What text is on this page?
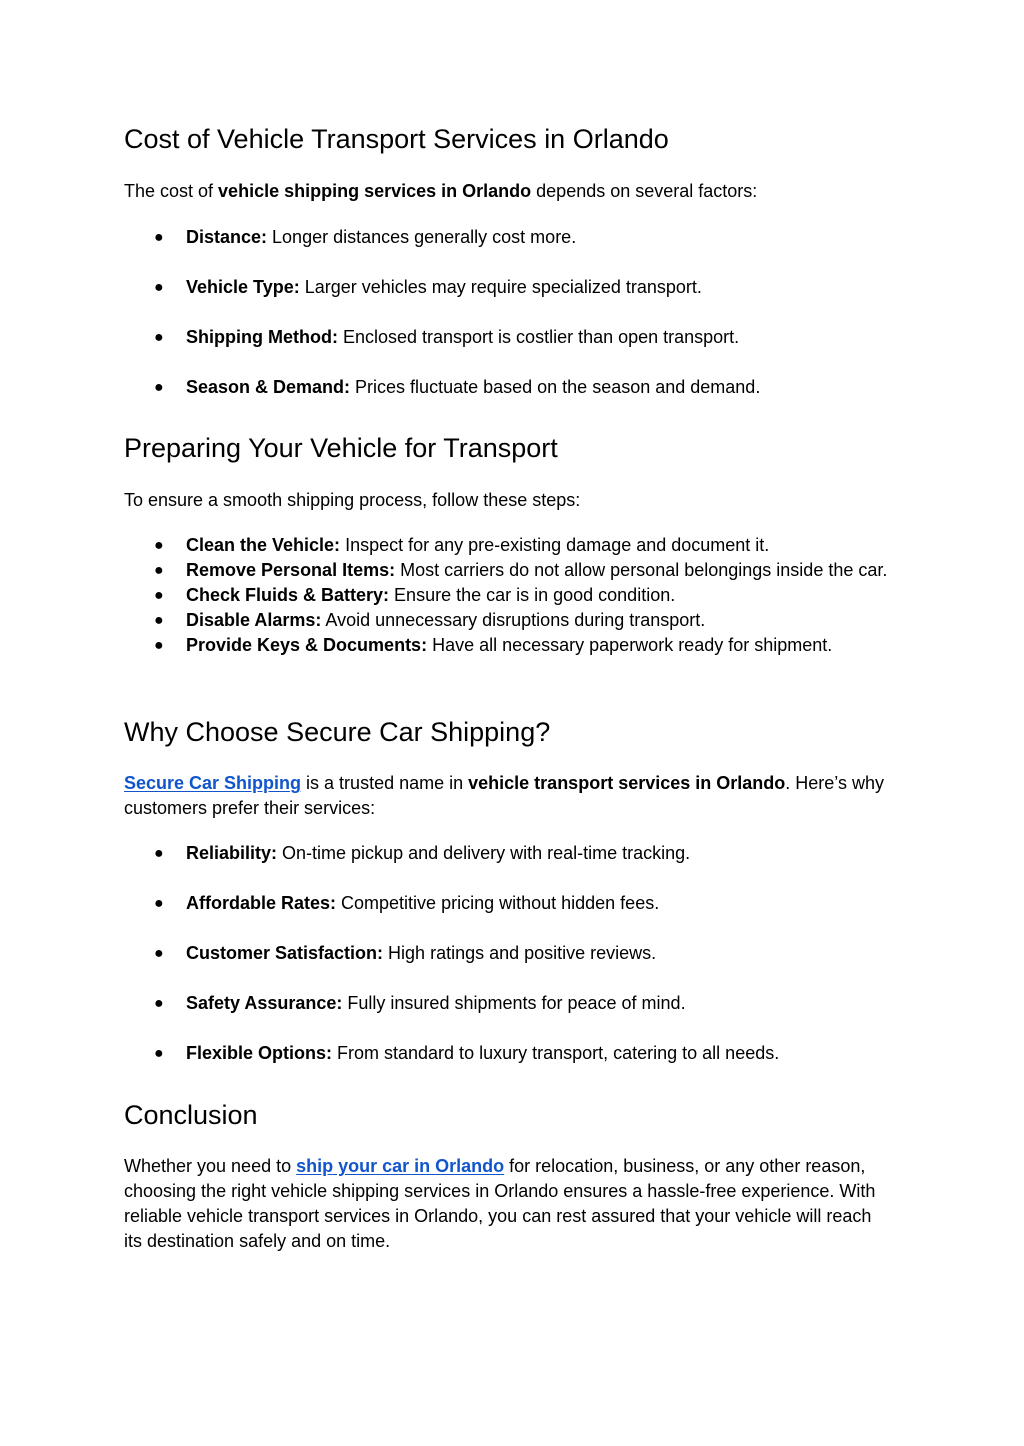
Cost of Vehicle Transport Services in Orlando

The cost of vehicle shipping services in Orlando depends on several factors:

● Distance: Longer distances generally cost more.
● Vehicle Type: Larger vehicles may require specialized transport.
● Shipping Method: Enclosed transport is costlier than open transport.
● Season & Demand: Prices fluctuate based on the season and demand.
Preparing Your Vehicle for Transport

To ensure a smooth shipping process, follow these steps:

● Clean the Vehicle: Inspect for any pre-existing damage and document it.
● Remove Personal Items: Most carriers do not allow personal belongings inside the car.
● Check Fluids & Battery: Ensure the car is in good condition.
● Disable Alarms: Avoid unnecessary disruptions during transport.
● Provide Keys & Documents: Have all necessary paperwork ready for shipment.
Why Choose Secure Car Shipping?

Secure Car Shipping is a trusted name in vehicle transport services in Orlando. Here’s why customers prefer their services:

● Reliability: On-time pickup and delivery with real-time tracking.
● Affordable Rates: Competitive pricing without hidden fees.
● Customer Satisfaction: High ratings and positive reviews.
● Safety Assurance: Fully insured shipments for peace of mind.
● Flexible Options: From standard to luxury transport, catering to all needs.
Conclusion

Whether you need to ship your car in Orlando for relocation, business, or any other reason, choosing the right vehicle shipping services in Orlando ensures a hassle-free experience. With reliable vehicle transport services in Orlando, you can rest assured that your vehicle will reach its destination safely and on time.
